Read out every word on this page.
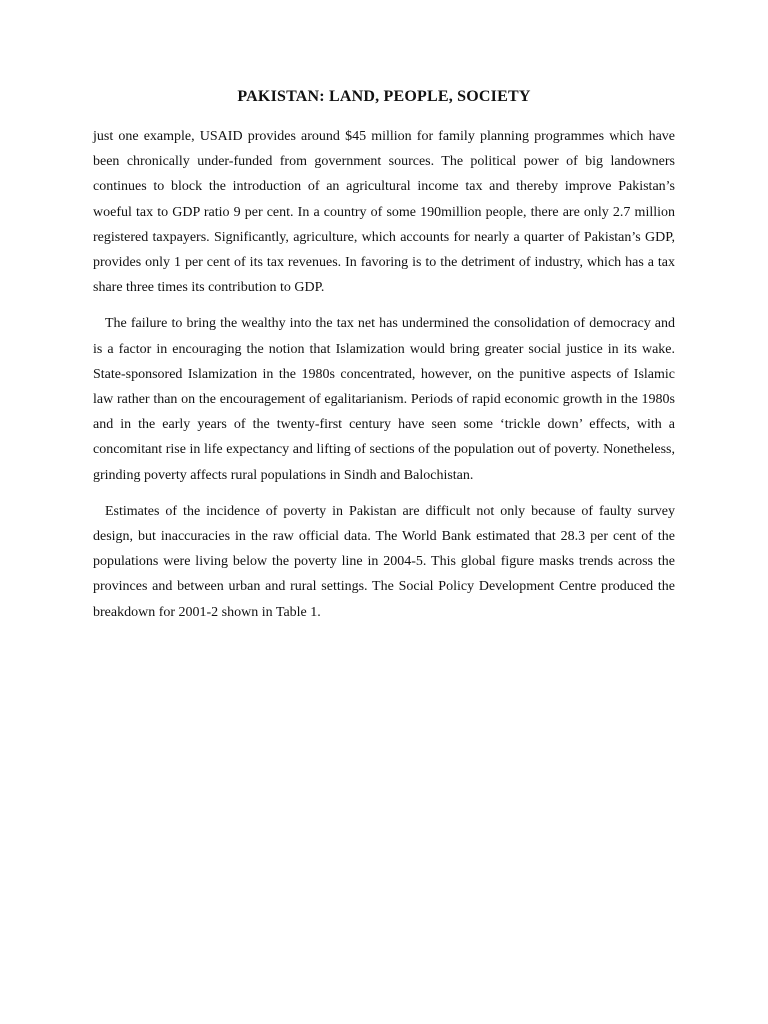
PAKISTAN: LAND, PEOPLE, SOCIETY

just one example, USAID provides around $45 million for family planning programmes which have been chronically under-funded from government sources. The political power of big landowners continues to block the introduction of an agricultural income tax and thereby improve Pakistan’s woeful tax to GDP ratio 9 per cent. In a country of some 190million people, there are only 2.7 million registered taxpayers. Significantly, agriculture, which accounts for nearly a quarter of Pakistan’s GDP, provides only 1 per cent of its tax revenues. In favoring is to the detriment of industry, which has a tax share three times its contribution to GDP.

The failure to bring the wealthy into the tax net has undermined the consolidation of democracy and is a factor in encouraging the notion that Islamization would bring greater social justice in its wake. State-sponsored Islamization in the 1980s concentrated, however, on the punitive aspects of Islamic law rather than on the encouragement of egalitarianism. Periods of rapid economic growth in the 1980s and in the early years of the twenty-first century have seen some ‘trickle down’ effects, with a concomitant rise in life expectancy and lifting of sections of the population out of poverty. Nonetheless, grinding poverty affects rural populations in Sindh and Balochistan.

Estimates of the incidence of poverty in Pakistan are difficult not only because of faulty survey design, but inaccuracies in the raw official data. The World Bank estimated that 28.3 per cent of the populations were living below the poverty line in 2004-5. This global figure masks trends across the provinces and between urban and rural settings. The Social Policy Development Centre produced the breakdown for 2001-2 shown in Table 1.
